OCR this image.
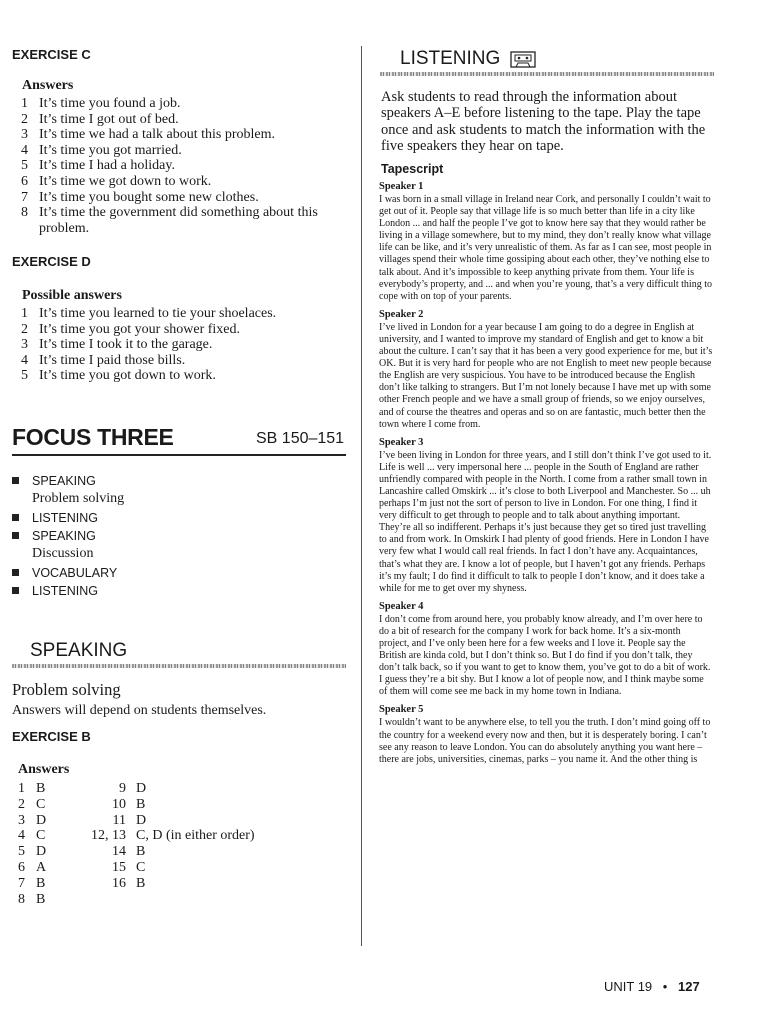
EXERCISE C
Answers
1 It’s time you found a job.
2 It’s time I got out of bed.
3 It’s time we had a talk about this problem.
4 It’s time you got married.
5 It’s time I had a holiday.
6 It’s time we got down to work.
7 It’s time you bought some new clothes.
8 It’s time the government did something about this problem.
EXERCISE D
Possible answers
1 It’s time you learned to tie your shoelaces.
2 It’s time you got your shower fixed.
3 It’s time I took it to the garage.
4 It’s time I paid those bills.
5 It’s time you got down to work.
FOCUS THREE	SB 150–151
SPEAKING
Problem solving
LISTENING
SPEAKING
Discussion
VOCABULARY
LISTENING
SPEAKING
Problem solving
Answers will depend on students themselves.
EXERCISE B
Answers
1 B
2 C
3 D
4 C
5 D
6 A
7 B
8 B
9 D
10 B
11 D
12, 13 C, D (in either order)
14 B
15 C
16 B
LISTENING
Ask students to read through the information about speakers A–E before listening to the tape. Play the tape once and ask students to match the information with the five speakers they hear on tape.
Tapescript
Speaker 1
I was born in a small village in Ireland near Cork, and personally I couldn’t wait to get out of it. People say that village life is so much better than life in a city like London ... and half the people I’ve got to know here say that they would rather be living in a village somewhere, but to my mind, they don’t really know what village life can be like, and it’s very unrealistic of them. As far as I can see, most people in villages spend their whole time gossiping about each other, they’ve nothing else to talk about. And it’s impossible to keep anything private from them. Your life is everybody’s property, and ... and when you’re young, that’s a very difficult thing to cope with on top of your parents.
Speaker 2
I’ve lived in London for a year because I am going to do a degree in English at university, and I wanted to improve my standard of English and get to know a bit about the culture. I can’t say that it has been a very good experience for me, but it’s OK. But it is very hard for people who are not English to meet new people because the English are very suspicious. You have to be introduced because the English don’t like talking to strangers. But I’m not lonely because I have met up with some other French people and we have a small group of friends, so we enjoy ourselves, and of course the theatres and operas and so on are fantastic, much better then the town where I come from.
Speaker 3
I’ve been living in London for three years, and I still don’t think I’ve got used to it. Life is well ... very impersonal here ... people in the South of England are rather unfriendly compared with people in the North. I come from a rather small town in Lancashire called Omskirk ... it’s close to both Liverpool and Manchester. So ... uh perhaps I’m just not the sort of person to live in London. For one thing, I find it very difficult to get through to people and to talk about anything important. They’re all so indifferent. Perhaps it’s just because they get so tired just travelling to and from work. In Omskirk I had plenty of good friends. Here in London I have very few what I would call real friends. In fact I don’t have any. Acquaintances, that’s what they are. I know a lot of people, but I haven’t got any friends. Perhaps it’s my fault; I do find it difficult to talk to people I don’t know, and it does take a while for me to get over my shyness.
Speaker 4
I don’t come from around here, you probably know already, and I’m over here to do a bit of research for the company I work for back home. It’s a six-month project, and I’ve only been here for a few weeks and I love it. People say the British are kinda cold, but I don’t think so. But I do find if you don’t talk, they don’t talk back, so if you want to get to know them, you’ve got to do a bit of work. I guess they’re a bit shy. But I know a lot of people now, and I think maybe some of them will come see me back in my home town in Indiana.
Speaker 5
I wouldn’t want to be anywhere else, to tell you the truth. I don’t mind going off to the country for a weekend every now and then, but it is desperately boring. I can’t see any reason to leave London. You can do absolutely anything you want here – there are jobs, universities, cinemas, parks – you name it. And the other thing is
UNIT 19 • 127
